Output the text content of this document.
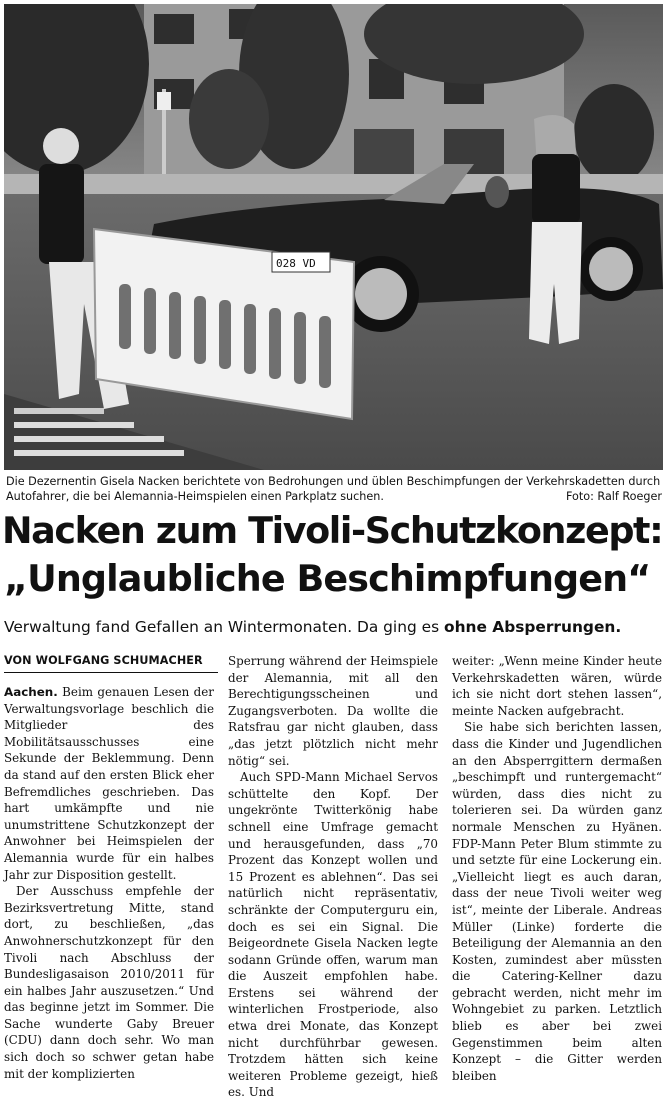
028 VD
Die Dezernentin Gisela Nacken berichtete von Bedrohungen und üblen Beschimpfungen der Verkehrskadetten durch Autofahrer, die bei Alemannia-Heimspielen einen Parkplatz suchen.	Foto: Ralf Roeger
Nacken zum Tivoli-Schutzkonzept:
„Unglaubliche Beschimpfungen“
Verwaltung fand Gefallen an Wintermonaten. Da ging es ohne Absperrungen.
VON WOLFGANG SCHUMACHER

Aachen. Beim genauen Lesen der Verwaltungsvorlage beschlich die Mitglieder des Mobilitätsausschusses eine Sekunde der Beklemmung. Denn da stand auf den ersten Blick eher Befremdliches geschrieben. Das hart umkämpfte und nie unumstrittene Schutzkonzept der Anwohner bei Heimspielen der Alemannia wurde für ein halbes Jahr zur Disposition gestellt.

Der Ausschuss empfehle der Bezirksvertretung Mitte, stand dort, zu beschließen, „das Anwohnerschutzkonzept für den Tivoli nach Abschluss der Bundesligasaison 2010/2011 für ein halbes Jahr auszusetzen.“ Und das beginne jetzt im Sommer. Die Sache wunderte Gaby Breuer (CDU) dann doch sehr. Wo man sich doch so schwer getan habe mit der komplizierten

Sperrung während der Heimspiele der Alemannia, mit all den Berechtigungsscheinen und Zugangsverboten. Da wollte die Ratsfrau gar nicht glauben, dass „das jetzt plötzlich nicht mehr nötig“ sei.

Auch SPD-Mann Michael Servos schüttelte den Kopf. Der ungekrönte Twitterkönig habe schnell eine Umfrage gemacht und herausgefunden, dass „70 Prozent das Konzept wollen und 15 Prozent es ablehnen“. Das sei natürlich nicht repräsentativ, schränkte der Computerguru ein, doch es sei ein Signal. Die Beigeordnete Gisela Nacken legte sodann Gründe offen, warum man die Auszeit empfohlen habe. Erstens sei während der winterlichen Frostperiode, also etwa drei Monate, das Konzept nicht durchführbar gewesen. Trotzdem hätten sich keine weiteren Probleme gezeigt, hieß es. Und

weiter: „Wenn meine Kinder heute Verkehrskadetten wären, würde ich sie nicht dort stehen lassen“, meinte Nacken aufgebracht.

Sie habe sich berichten lassen, dass die Kinder und Jugendlichen an den Absperrgittern dermaßen „beschimpft und runtergemacht“ würden, dass dies nicht zu tolerieren sei. Da würden ganz normale Menschen zu Hyänen. FDP-Mann Peter Blum stimmte zu und setzte für eine Lockerung ein. „Vielleicht liegt es auch daran, dass der neue Tivoli weiter weg ist“, meinte der Liberale. Andreas Müller (Linke) forderte die Beteiligung der Alemannia an den Kosten, zumindest aber müssten die Catering-Kellner dazu gebracht werden, nicht mehr im Wohngebiet zu parken. Letztlich blieb es aber bei zwei Gegenstimmen beim alten Konzept – die Gitter werden bleiben
